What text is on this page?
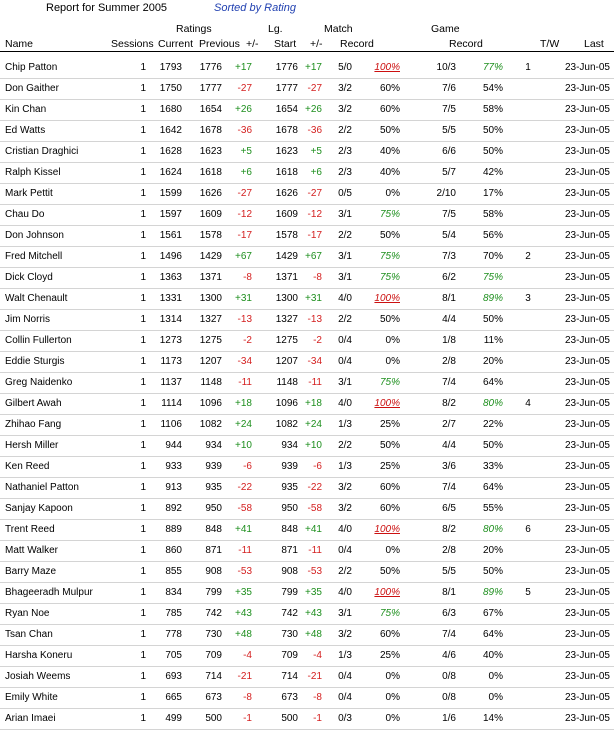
Report for Summer 2005	Sorted by Rating
Ratings	Lg.	Match	Game
Name	Sessions Current Previous +/- Start +/- Record	Record	T/W Last
Chip Patton	1	1793	1776	+17	1776 +17	5/0	100%	10/3	77%	1	23-Jun-05
Don Gaither	1	1750	1777	-27	1777 -27	3/2	60%	7/6	54%	23-Jun-05
Kin Chan	1	1680	1654	+26	1654 +26	3/2	60%	7/5	58%	23-Jun-05
Ed Watts	1	1642	1678	-36	1678 -36	2/2	50%	5/5	50%	23-Jun-05
Cristian Draghici	1	1628	1623	+5	1623	+5	2/3	40%	6/6	50%	23-Jun-05
Ralph Kissel	1	1624	1618	+6	1618	+6	2/3	40%	5/7	42%	23-Jun-05
Mark Pettit	1	1599	1626	-27	1626 -27	0/5	0%	2/10	17%	23-Jun-05
Chau Do	1	1597	1609	-12	1609 -12	3/1	75%	7/5	58%	23-Jun-05
Don Johnson	1	1561	1578	-17	1578 -17	2/2	50%	5/4	56%	23-Jun-05
Fred Mitchell	1	1496	1429	+67	1429 +67	3/1	75%	7/3	70%	2	23-Jun-05
Dick Cloyd	1	1363	1371	-8	1371	-8	3/1	75%	6/2	75%	23-Jun-05
Walt Chenault	1	1331	1300	+31	1300 +31	4/0	100%	8/1	89%	3	23-Jun-05
Jim Norris	1	1314	1327	-13	1327 -13	2/2	50%	4/4	50%	23-Jun-05
Collin Fullerton	1	1273	1275	-2	1275	-2	0/4	0%	1/8	11%	23-Jun-05
Eddie Sturgis	1	1173	1207	-34	1207 -34	0/4	0%	2/8	20%	23-Jun-05
Greg Naidenko	1	1137	1148	-11	1148	-11	3/1	75%	7/4	64%	23-Jun-05
Gilbert Awah	1	1114	1096	+18	1096 +18	4/0	100%	8/2	80%	4	23-Jun-05
Zhihao Fang	1	1106	1082	+24	1082 +24	1/3	25%	2/7	22%	23-Jun-05
Hersh Miller	1	944	934	+10	934 +10	2/2	50%	4/4	50%	23-Jun-05
Ken Reed	1	933	939	-6	939	-6	1/3	25%	3/6	33%	23-Jun-05
Nathaniel Patton	1	913	935	-22	935 -22	3/2	60%	7/4	64%	23-Jun-05
Sanjay Kapoon	1	892	950	-58	950 -58	3/2	60%	6/5	55%	23-Jun-05
Trent Reed	1	889	848	+41	848 +41	4/0	100%	8/2	80%	6	23-Jun-05
Matt Walker	1	860	871	-11	871	-11	0/4	0%	2/8	20%	23-Jun-05
Barry Maze	1	855	908	-53	908 -53	2/2	50%	5/5	50%	23-Jun-05
Bhageeradh Mulpur	1	834	799	+35	799 +35	4/0	100%	8/1	89%	5	23-Jun-05
Ryan Noe	1	785	742	+43	742 +43	3/1	75%	6/3	67%	23-Jun-05
Tsan Chan	1	778	730	+48	730 +48	3/2	60%	7/4	64%	23-Jun-05
Harsha Koneru	1	705	709	-4	709	-4	1/3	25%	4/6	40%	23-Jun-05
Josiah Weems	1	693	714	-21	714 -21	0/4	0%	0/8	0%	23-Jun-05
Emily White	1	665	673	-8	673	-8	0/4	0%	0/8	0%	23-Jun-05
Arian Imaei	1	499	500	-1	500	-1	0/3	0%	1/6	14%	23-Jun-05
